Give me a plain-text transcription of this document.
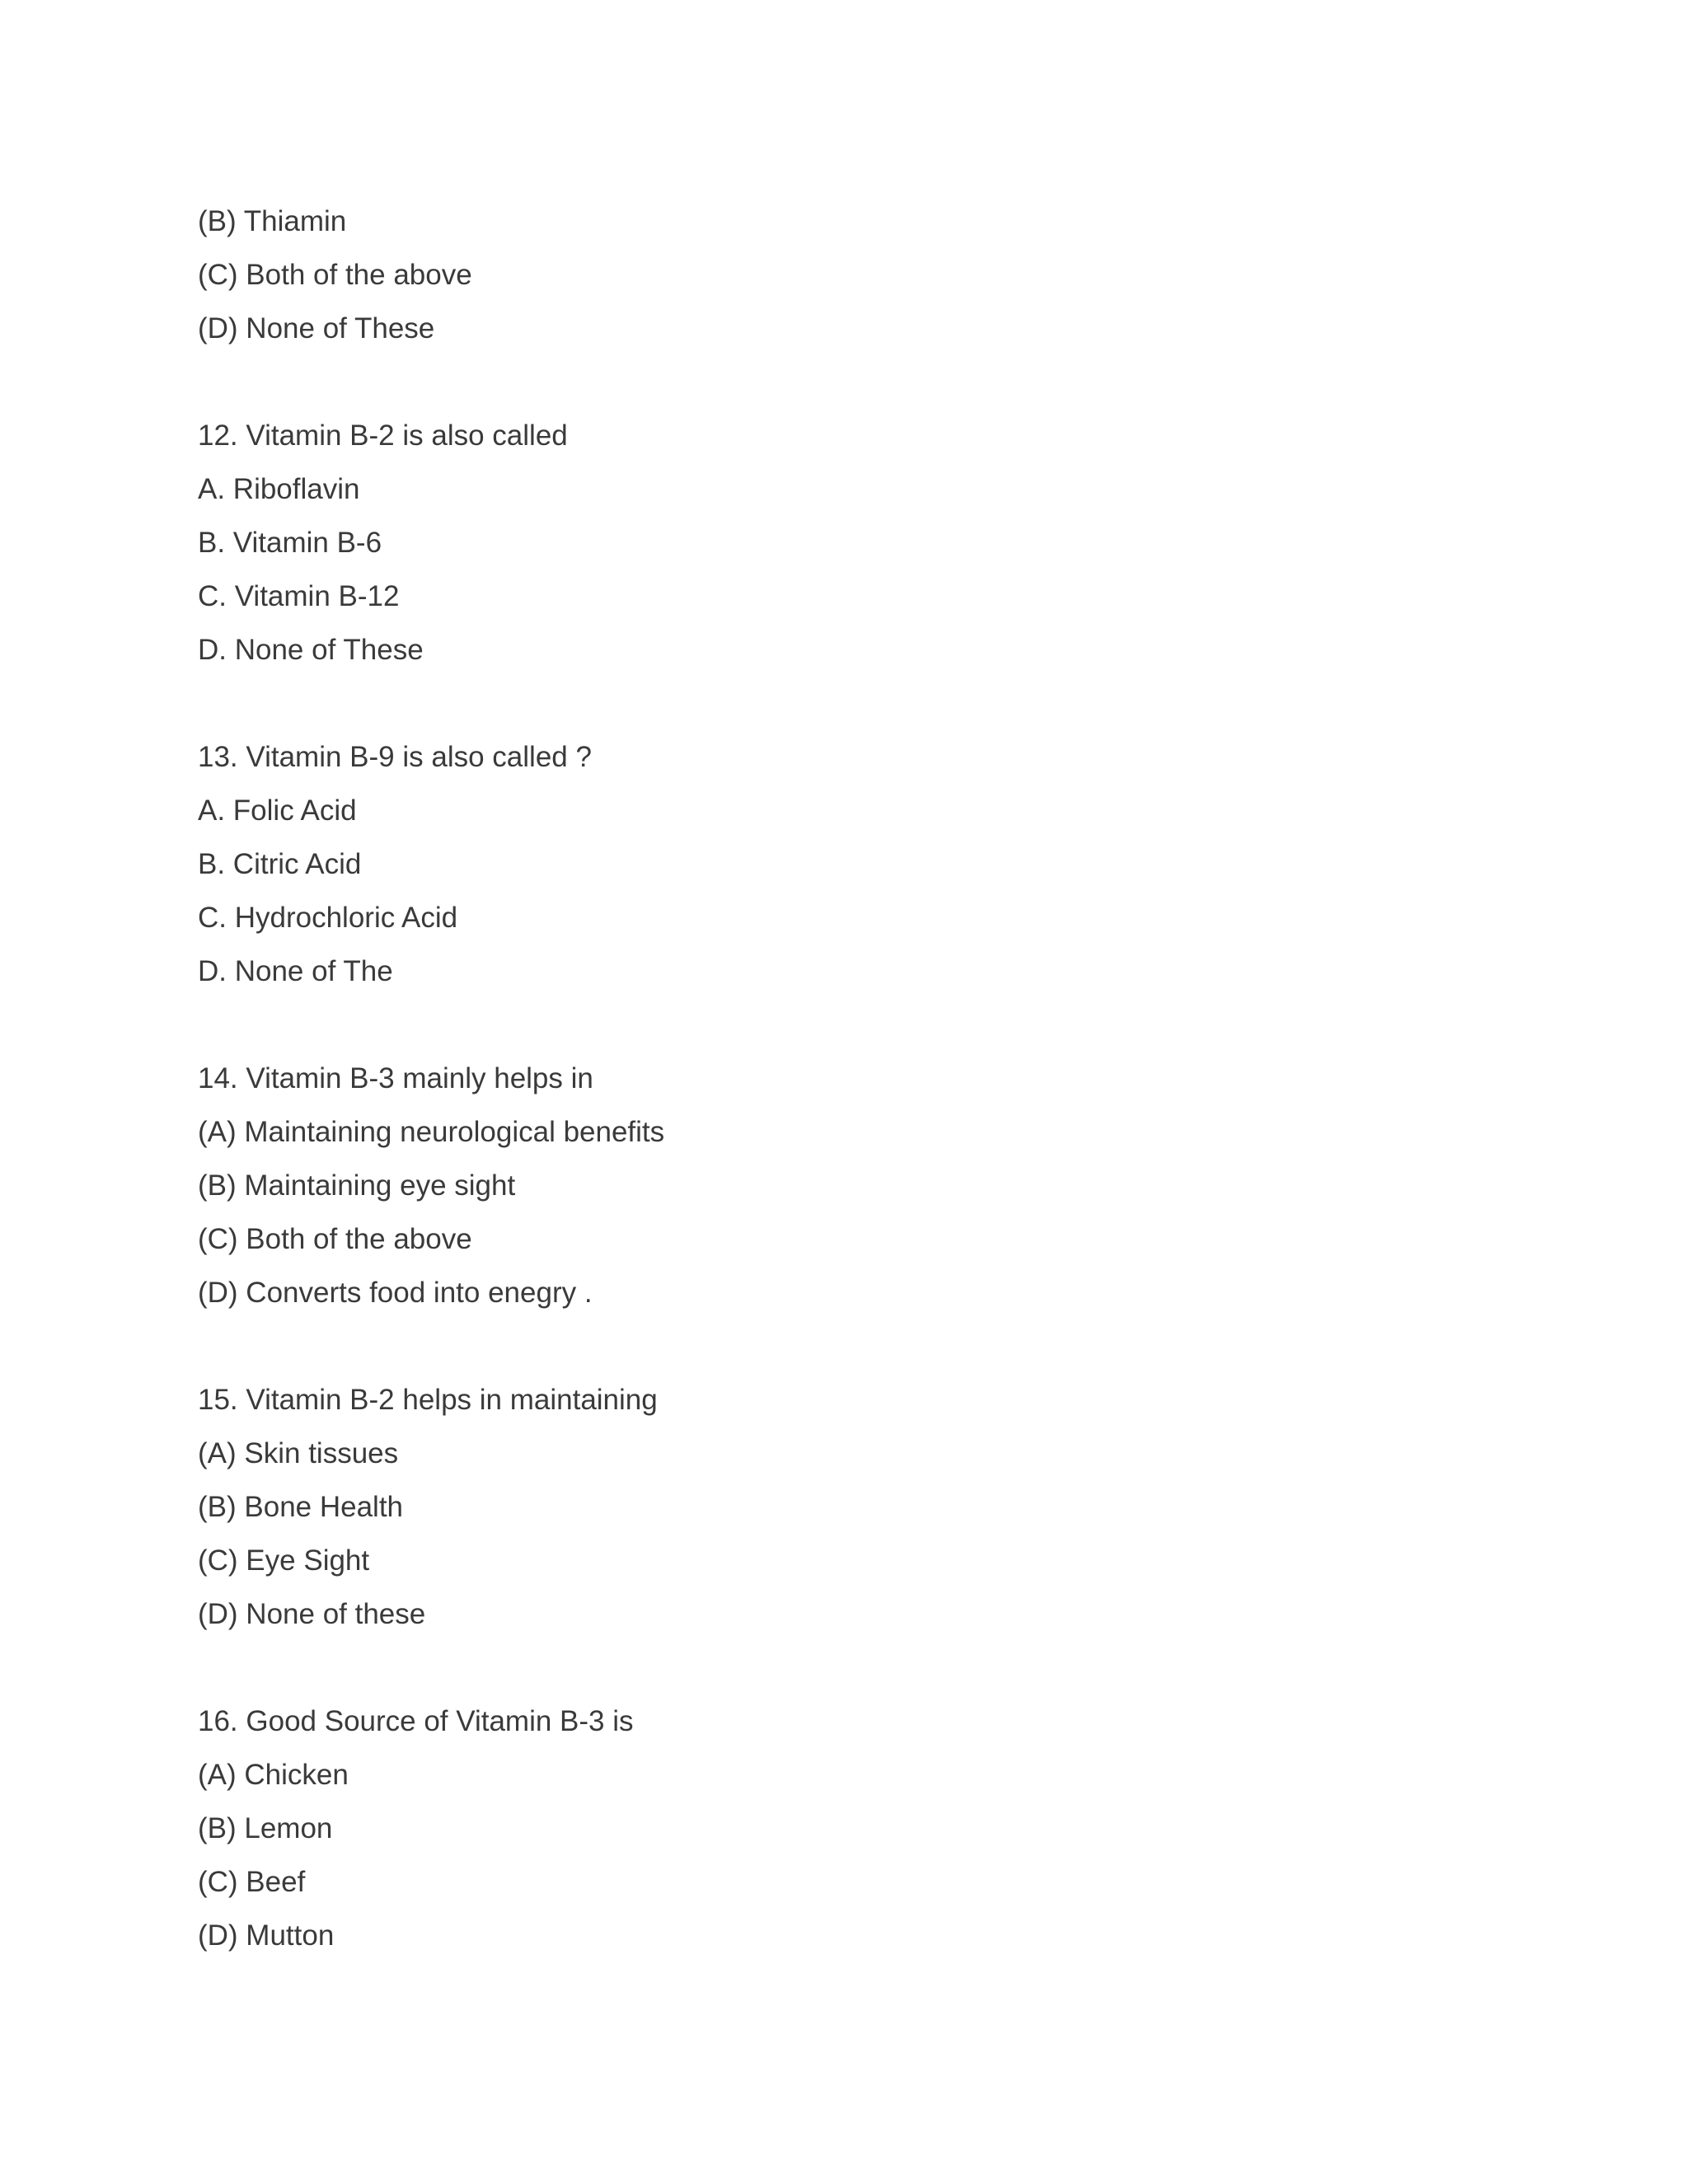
(B) Thiamin

(C) Both of the above

(D) None of These

12. Vitamin B-2 is also called

A. Riboflavin

B. Vitamin B-6

C. Vitamin B-12

D. None of These

13. Vitamin B-9 is also called ?

A. Folic Acid

B. Citric Acid

C. Hydrochloric Acid

D. None of The

14. Vitamin B-3 mainly helps in

(A) Maintaining neurological benefits

(B) Maintaining eye sight

(C) Both of the above

(D) Converts food into enegry .

15. Vitamin B-2 helps in maintaining

(A) Skin tissues

(B) Bone Health

(C) Eye Sight

(D) None of these

16. Good Source of Vitamin B-3 is

(A) Chicken

(B) Lemon

(C) Beef

(D) Mutton
